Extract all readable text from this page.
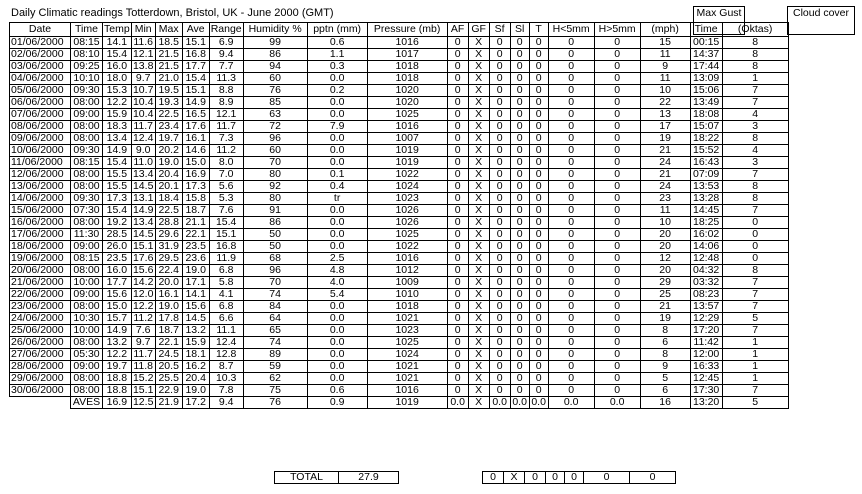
Daily Climatic readings Totterdown, Bristol, UK - June 2000 (GMT)	Max Gust	Cloud cover
Date	Time	Temp	Min	Max	Ave	Range	Humidity %	pptn (mm)	Pressure (mb)	AF	GF	Sf	Sl	T	H<5mm	H>5mm	(mph)	Time	(Oktas)
01/06/2000	08:15	14.1	11.6	18.5	15.1	6.9	99	0.6	1016	0	X	0	0	0	0	0	15	00:15	8
02/06/2000	08:10	15.4	12.1	21.5	16.8	9.4	86	1.1	1017	0	X	0	0	0	0	0	11	14:37	8
03/06/2000	09:25	16.0	13.8	21.5	17.7	7.7	94	0.3	1018	0	X	0	0	0	0	0	9	17:44	8
04/06/2000	10:10	18.0	9.7	21.0	15.4	11.3	60	0.0	1018	0	X	0	0	0	0	0	11	13:09	1
05/06/2000	09:30	15.3	10.7	19.5	15.1	8.8	76	0.2	1020	0	X	0	0	0	0	0	10	15:06	7
06/06/2000	08:00	12.2	10.4	19.3	14.9	8.9	85	0.0	1020	0	X	0	0	0	0	0	22	13:49	7
07/06/2000	09:00	15.9	10.4	22.5	16.5	12.1	63	0.0	1025	0	X	0	0	0	0	0	13	18:08	4
08/06/2000	08:00	18.3	11.7	23.4	17.6	11.7	72	7.9	1016	0	X	0	0	0	0	0	17	15:07	3
09/06/2000	08:00	13.4	12.4	19.7	16.1	7.3	96	0.0	1007	0	X	0	0	0	0	0	19	18:22	8
10/06/2000	09:30	14.9	9.0	20.2	14.6	11.2	60	0.0	1019	0	X	0	0	0	0	0	21	15:52	4
11/06/2000	08:15	15.4	11.0	19.0	15.0	8.0	70	0.0	1019	0	X	0	0	0	0	0	24	16:43	3
12/06/2000	08:00	15.5	13.4	20.4	16.9	7.0	80	0.1	1022	0	X	0	0	0	0	0	21	07:09	7
13/06/2000	08:00	15.5	14.5	20.1	17.3	5.6	92	0.4	1024	0	X	0	0	0	0	0	24	13:53	8
14/06/2000	09:30	17.3	13.1	18.4	15.8	5.3	80	tr	1023	0	X	0	0	0	0	0	23	13:28	8
15/06/2000	07:30	15.4	14.9	22.5	18.7	7.6	91	0.0	1026	0	X	0	0	0	0	0	11	14:45	7
16/06/2000	08:00	19.2	13.4	28.8	21.1	15.4	86	0.0	1026	0	X	0	0	0	0	0	10	18:25	0
17/06/2000	11:30	28.5	14.5	29.6	22.1	15.1	50	0.0	1025	0	X	0	0	0	0	0	20	16:02	0
18/06/2000	09:00	26.0	15.1	31.9	23.5	16.8	50	0.0	1022	0	X	0	0	0	0	0	20	14:06	0
19/06/2000	08:15	23.5	17.6	29.5	23.6	11.9	68	2.5	1016	0	X	0	0	0	0	0	12	12:48	0
20/06/2000	08:00	16.0	15.6	22.4	19.0	6.8	96	4.8	1012	0	X	0	0	0	0	0	20	04:32	8
21/06/2000	10:00	17.7	14.2	20.0	17.1	5.8	70	4.0	1009	0	X	0	0	0	0	0	29	03:32	7
22/06/2000	09:00	15.6	12.0	16.1	14.1	4.1	74	5.4	1010	0	X	0	0	0	0	0	25	08:23	7
23/06/2000	08:00	15.0	12.2	19.0	15.6	6.8	84	0.0	1018	0	X	0	0	0	0	0	21	13:57	7
24/06/2000	10:30	15.7	11.2	17.8	14.5	6.6	64	0.0	1021	0	X	0	0	0	0	0	19	12:29	5
25/06/2000	10:00	14.9	7.6	18.7	13.2	11.1	65	0.0	1023	0	X	0	0	0	0	0	8	17:20	7
26/06/2000	08:00	13.2	9.7	22.1	15.9	12.4	74	0.0	1025	0	X	0	0	0	0	0	6	11:42	1
27/06/2000	05:30	12.2	11.7	24.5	18.1	12.8	89	0.0	1024	0	X	0	0	0	0	0	8	12:00	1
28/06/2000	09:00	19.7	11.8	20.5	16.2	8.7	59	0.0	1021	0	X	0	0	0	0	0	9	16:33	1
29/06/2000	08:00	18.8	15.2	25.5	20.4	10.3	62	0.0	1021	0	X	0	0	0	0	0	5	12:45	1
30/06/2000	08:00	18.8	15.1	22.9	19.0	7.8	75	0.6	1016	0	X	0	0	0	0	0	6	17:30	7
	AVES	16.9	12.5	21.9	17.2	9.4	76	0.9	1019	0.0	X	0.0	0.0	0.0	0.0	0.0	16	13:20	5
TOTAL	27.9	0	X	0	0	0	0	0
